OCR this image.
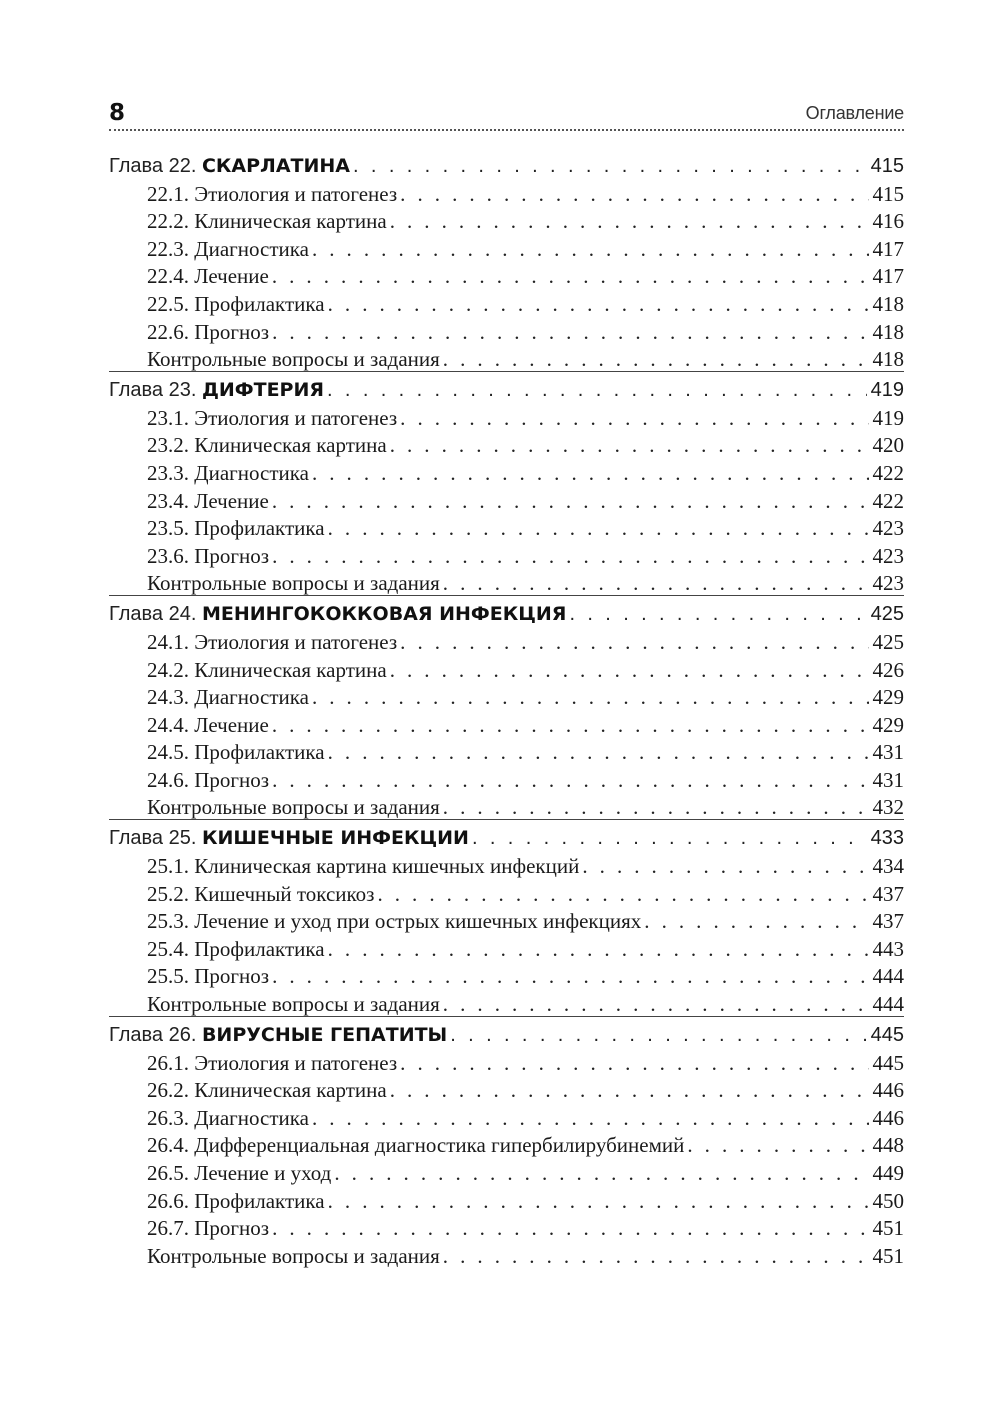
8	Оглавление
Глава 22. СКАРЛАТИНА . . .	415
22.1. Этиология и патогенез . . .	415
22.2. Клиническая картина . . .	416
22.3. Диагностика . . .	417
22.4. Лечение . . .	417
22.5. Профилактика . . .	418
22.6. Прогноз . . .	418
Контрольные вопросы и задания . . .	418
Глава 23. ДИФТЕРИЯ . . .	419
23.1. Этиология и патогенез . . .	419
23.2. Клиническая картина . . .	420
23.3. Диагностика . . .	422
23.4. Лечение . . .	422
23.5. Профилактика . . .	423
23.6. Прогноз . . .	423
Контрольные вопросы и задания . . .	423
Глава 24. МЕНИНГОКОККОВАЯ ИНФЕКЦИЯ . . .	425
24.1. Этиология и патогенез . . .	425
24.2. Клиническая картина . . .	426
24.3. Диагностика . . .	429
24.4. Лечение . . .	429
24.5. Профилактика . . .	431
24.6. Прогноз . . .	431
Контрольные вопросы и задания . . .	432
Глава 25. КИШЕЧНЫЕ ИНФЕКЦИИ . . .	433
25.1. Клиническая картина кишечных инфекций . . .	434
25.2. Кишечный токсикоз . . .	437
25.3. Лечение и уход при острых кишечных инфекциях . . .	437
25.4. Профилактика . . .	443
25.5. Прогноз . . .	444
Контрольные вопросы и задания . . .	444
Глава 26. ВИРУСНЫЕ ГЕПАТИТЫ . . .	445
26.1. Этиология и патогенез . . .	445
26.2. Клиническая картина . . .	446
26.3. Диагностика . . .	446
26.4. Дифференциальная диагностика гипербилирубинемий . . .	448
26.5. Лечение и уход . . .	449
26.6. Профилактика . . .	450
26.7. Прогноз . . .	451
Контрольные вопросы и задания . . .	451
